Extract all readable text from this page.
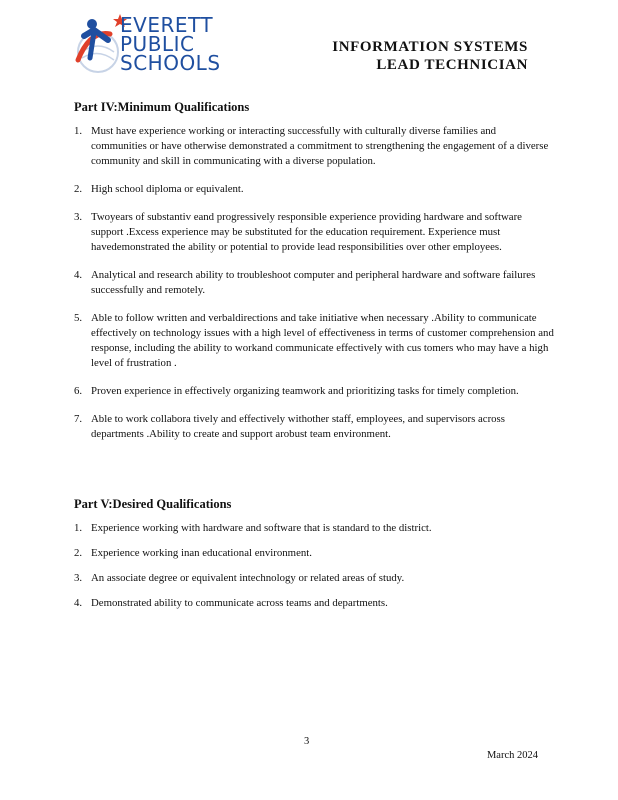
EVERETT
PUBLIC
SCHOOLS
INFORMATION SYSTEMS
LEAD TECHNICIAN
Part IV:Minimum Qualifications
1. Must have experience working or interacting successfully with culturally diverse families and communities or have otherwise demonstrated a commitment to strengthening the engagement of a diverse community and skill in communicating with a diverse population.
2. High school diploma or equivalent.
3. Twoyears of substantiv eand progressively responsible experience providing hardware and software support .Excess experience may be substituted for the education requirement. Experience must havedemonstrated the ability or potential to provide lead responsibilities over other employees.
4. Analytical and research ability to troubleshoot computer and peripheral hardware and software failures successfully and remotely.
5. Able to follow written and verbaldirections and take initiative when necessary .Ability to communicate effectively on technology issues with a high level of effectiveness in terms of customer comprehension and response, including the ability to workand communicate effectively with cus tomers who may have a high level of frustration .
6. Proven experience in effectively organizing teamwork and prioritizing tasks for timely completion.
7. Able to work collabora tively and effectively withother staff, employees, and supervisors across departments .Ability to create and support arobust team environment.
Part V:Desired Qualifications
1. Experience working with hardware and software that is standard to the district.
2. Experience working inan educational environment.
3. An associate degree or equivalent intechnology or related areas of study.
4. Demonstrated ability to communicate across teams and departments.
3
March 2024
